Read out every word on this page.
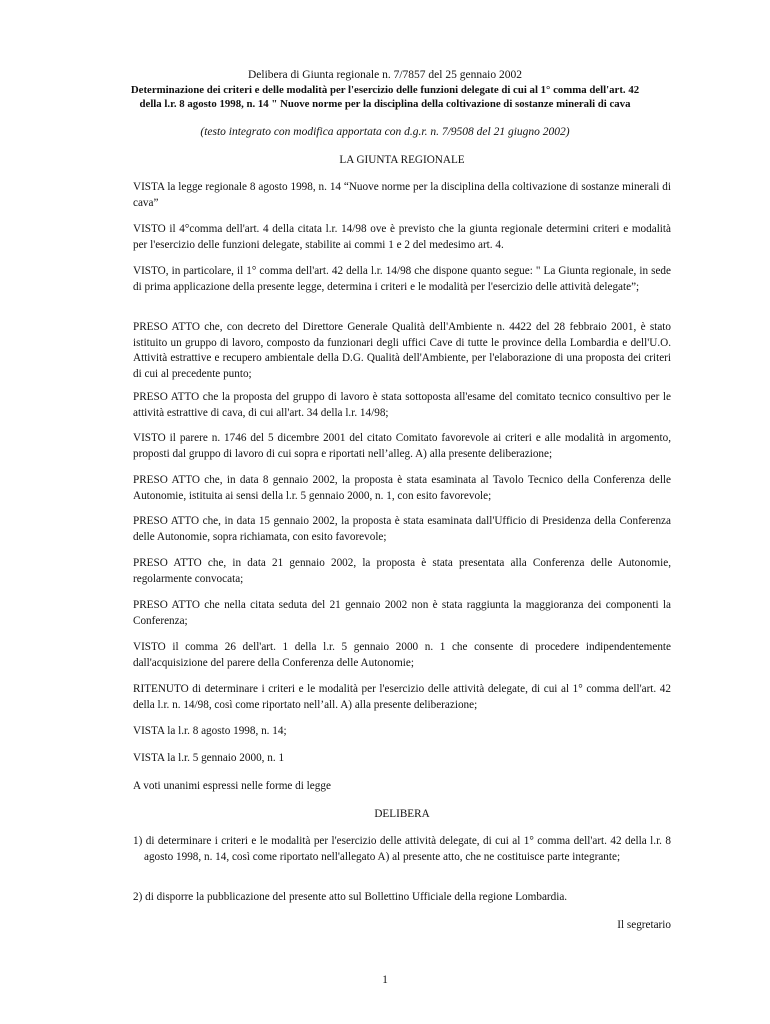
Delibera di Giunta regionale n. 7/7857 del 25 gennaio 2002
Determinazione dei criteri e delle modalità per l'esercizio delle funzioni delegate di cui al 1° comma dell'art. 42
della l.r. 8 agosto 1998, n. 14 " Nuove norme per la disciplina della coltivazione di sostanze minerali di cava
(testo integrato con modifica apportata con d.g.r. n. 7/9508 del 21 giugno 2002)
LA GIUNTA REGIONALE
VISTA la legge regionale 8 agosto 1998, n. 14 “Nuove norme per la disciplina della coltivazione di sostanze minerali di cava”
VISTO il 4°comma dell'art. 4 della citata l.r. 14/98 ove è previsto che la giunta regionale determini criteri e modalità per l'esercizio delle funzioni delegate, stabilite ai commi 1 e 2 del medesimo art. 4.
VISTO, in particolare, il 1° comma dell'art. 42 della l.r. 14/98 che dispone quanto segue: " La Giunta regionale, in sede di prima applicazione della presente legge, determina i criteri e le modalità per l'esercizio delle attività delegate”;
PRESO ATTO che, con decreto del Direttore Generale Qualità dell'Ambiente n. 4422 del 28 febbraio 2001, è stato istituito un gruppo di lavoro, composto da funzionari degli uffici Cave di tutte le province della Lombardia e dell'U.O. Attività estrattive e recupero ambientale della D.G. Qualità dell'Ambiente, per l'elaborazione di una proposta dei criteri di cui al precedente punto;
PRESO ATTO che la proposta del gruppo di lavoro è stata sottoposta all'esame del comitato tecnico consultivo per le attività estrattive di cava, di cui all'art. 34 della l.r. 14/98;
VISTO il parere n. 1746 del 5 dicembre 2001 del citato Comitato favorevole ai criteri e alle modalità in argomento, proposti dal gruppo di lavoro di cui sopra e riportati nell’alleg. A) alla presente deliberazione;
PRESO ATTO che, in data 8 gennaio 2002, la proposta è stata esaminata al Tavolo Tecnico della Conferenza delle Autonomie, istituita ai sensi della l.r. 5 gennaio 2000, n. 1, con esito favorevole;
PRESO ATTO che, in data 15 gennaio 2002, la proposta è stata esaminata dall'Ufficio di Presidenza della Conferenza delle Autonomie, sopra richiamata, con esito favorevole;
PRESO ATTO che, in data 21 gennaio 2002, la proposta è stata presentata alla Conferenza delle Autonomie, regolarmente convocata;
PRESO ATTO che nella citata seduta del 21 gennaio 2002 non è stata raggiunta la maggioranza dei componenti la Conferenza;
VISTO il comma 26 dell'art. 1 della l.r. 5 gennaio 2000 n. 1 che consente di procedere indipendentemente dall'acquisizione del parere della Conferenza delle Autonomie;
RITENUTO di determinare i criteri e le modalità per l'esercizio delle attività delegate, di cui al 1° comma dell'art. 42 della l.r. n. 14/98, così come riportato nell’all. A) alla presente deliberazione;
VISTA la l.r. 8 agosto 1998, n. 14;
VISTA la l.r. 5 gennaio 2000, n. 1
A voti unanimi espressi nelle forme di legge
DELIBERA
1) di determinare i criteri e le modalità per l'esercizio delle attività delegate, di cui al 1° comma dell'art. 42 della l.r. 8 agosto 1998, n. 14, così come riportato nell'allegato A) al presente atto, che ne costituisce parte integrante;
2) di disporre la pubblicazione del presente atto sul Bollettino Ufficiale della regione Lombardia.
Il segretario
1
